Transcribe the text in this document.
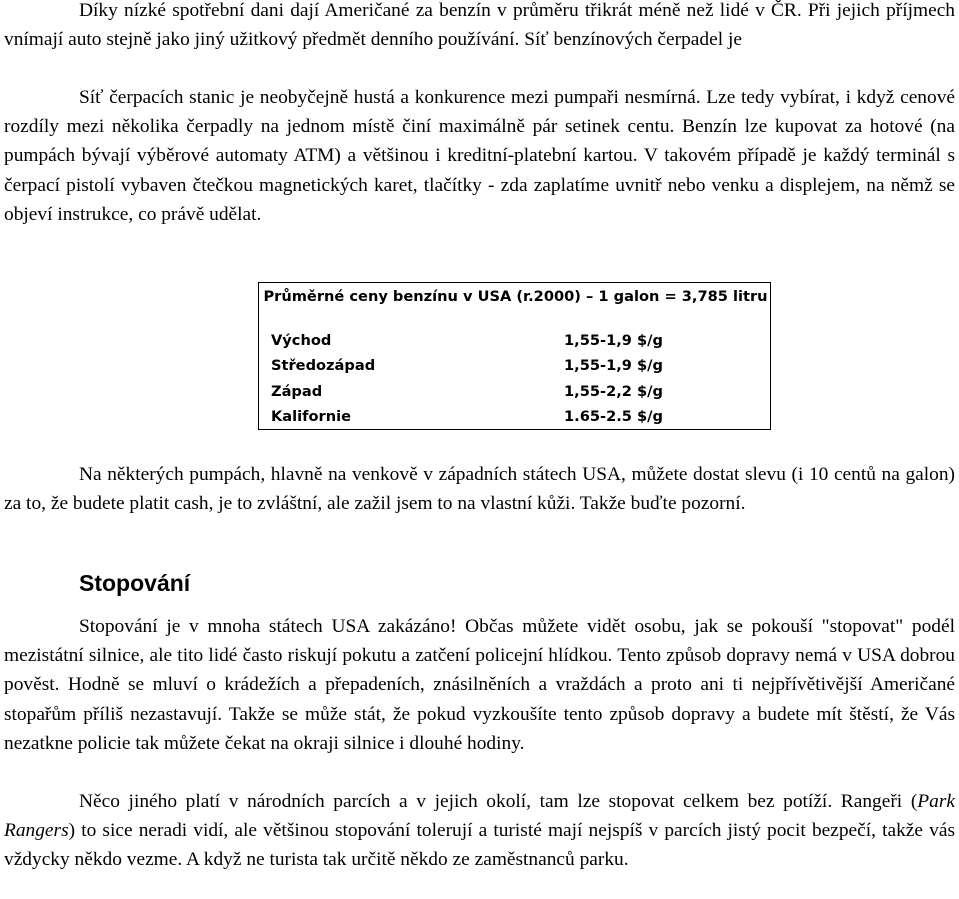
Díky nízké spotřební dani dají Američané za benzín v průměru třikrát méně než lidé v ČR. Při jejich příjmech vnímají auto stejně jako jiný užitkový předmět denního používání. Síť benzínových čerpadel je

Síť čerpacích stanic je neobyčejně hustá a konkurence mezi pumpaři nesmírná. Lze tedy vybírat, i když cenové rozdíly mezi několika čerpadly na jednom místě činí maximálně pár setinek centu. Benzín lze kupovat za hotové (na pumpách bývají výběrové automaty ATM) a většinou i kreditní-platební kartou. V takovém případě je každý terminál s čerpací pistolí vybaven čtečkou magnetických karet, tlačítky - zda zaplatíme uvnitř nebo venku a displejem, na němž se objeví instrukce, co právě udělat.

Průměrné ceny benzínu v USA (r.2000) – 1 galon = 3,785 litru
Východ	1,55-1,9 $/g
Středozápad	1,55-1,9 $/g
Západ	1,55-2,2 $/g
Kalifornie	1.65-2.5 $/g

Na některých pumpách, hlavně na venkově v západních státech USA, můžete dostat slevu (i 10 centů na galon) za to, že budete platit cash, je to zvláštní, ale zažil jsem to na vlastní kůži. Takže buďte pozorní.

Stopování

Stopování je v mnoha státech USA zakázáno! Občas můžete vidět osobu, jak se pokouší "stopovat" podél mezistátní silnice, ale tito lidé často riskují pokutu a zatčení policejní hlídkou. Tento způsob dopravy nemá v USA dobrou pověst. Hodně se mluví o krádežích a přepadeních, znásilněních a vraždách a proto ani ti nejpřívětivější Američané stopařům příliš nezastavují. Takže se může stát, že pokud vyzkoušíte tento způsob dopravy a budete mít štěstí, že Vás nezatkne policie tak můžete čekat na okraji silnice i dlouhé hodiny.

Něco jiného platí v národních parcích a v jejich okolí, tam lze stopovat celkem bez potíží. Rangeři (Park Rangers) to sice neradi vidí, ale většinou stopování tolerují a turisté mají nejspíš v parcích jistý pocit bezpečí, takže vás vždycky někdo vezme. A když ne turista tak určitě někdo ze zaměstnanců parku.
